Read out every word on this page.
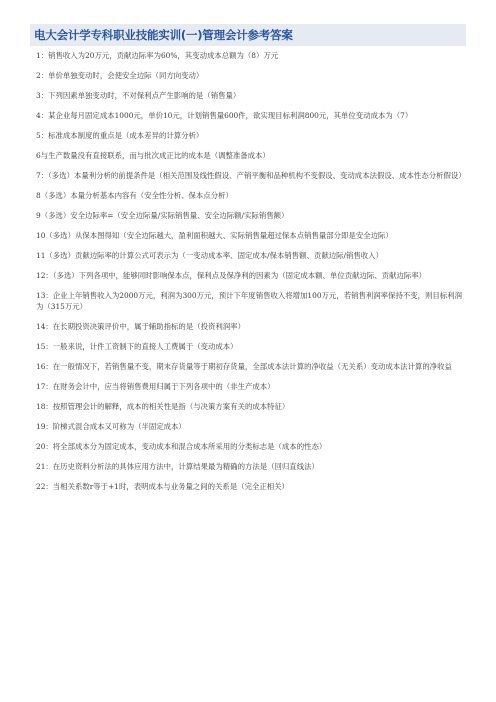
电大会计学专科职业技能实训(一)管理会计参考答案

1：销售收入为20万元，贡献边际率为60%，其变动成本总额为（8）万元

2：单价单独变动时，会使安全边际（同方向变动）

3：下列因素单独变动时，不对保利点产生影响的是（销售量）

4：某企业每月固定成本1000元，单价10元，计划销售量600件，欲实现目标利润800元，其单位变动成本为（7）

5：标准成本制度的重点是（成本差异的计算分析）

6与生产数量没有直接联系，而与批次成正比的成本是（调整准备成本）

7：（多选）本量利分析的前提条件是（相关范围及线性假设、产销平衡和品种机构不变假设、变动成本法假设、成本性态分析假设）

8（多选）本量分析基本内容有（安全性分析、保本点分析）

9（多选）安全边际率=（安全边际量/实际销售量、安全边际额/实际销售额）

10（多选）从保本图得知（安全边际越大，盈利面积越大、实际销售量超过保本点销售量部分即是安全边际）

11（多选）贡献边际率的计算公式可表示为（一变动成本率、固定成本/保本销售额、贡献边际/销售收入）

12：（多选）下列各项中，能够同时影响保本点，保利点及保净利的因素为（固定成本额、单位贡献边际、贡献边际率）

13：企业上年销售收入为2000万元，利润为300万元，预计下年度销售收入将增加100万元，若销售利润率保持不变，则目标利润为（315万元）

14：在长期投资决策评价中，属于辅助指标的是（投资利润率）

15：一般来说，计件工资制下的直接人工费属于（变动成本）

16：在一般情况下，若销售量不变，期末存货量等于期初存货量，全部成本法计算的净收益（无关系）变动成本法计算的净收益

17：在财务会计中，应当将销售费用归属于下列各项中的（非生产成本）

18：按照管理会计的解释，成本的相关性是指（与决策方案有关的成本特征）

19：阶梯式混合成本又可称为（半固定成本）

20：将全部成本分为固定成本，变动成本和混合成本所采用的分类标志是（成本的性态）

21：在历史资料分析法的具体应用方法中，计算结果最为精确的方法是（回归直线法）

22：当相关系数r等于+1时，表明成本与业务量之间的关系是（完全正相关）
